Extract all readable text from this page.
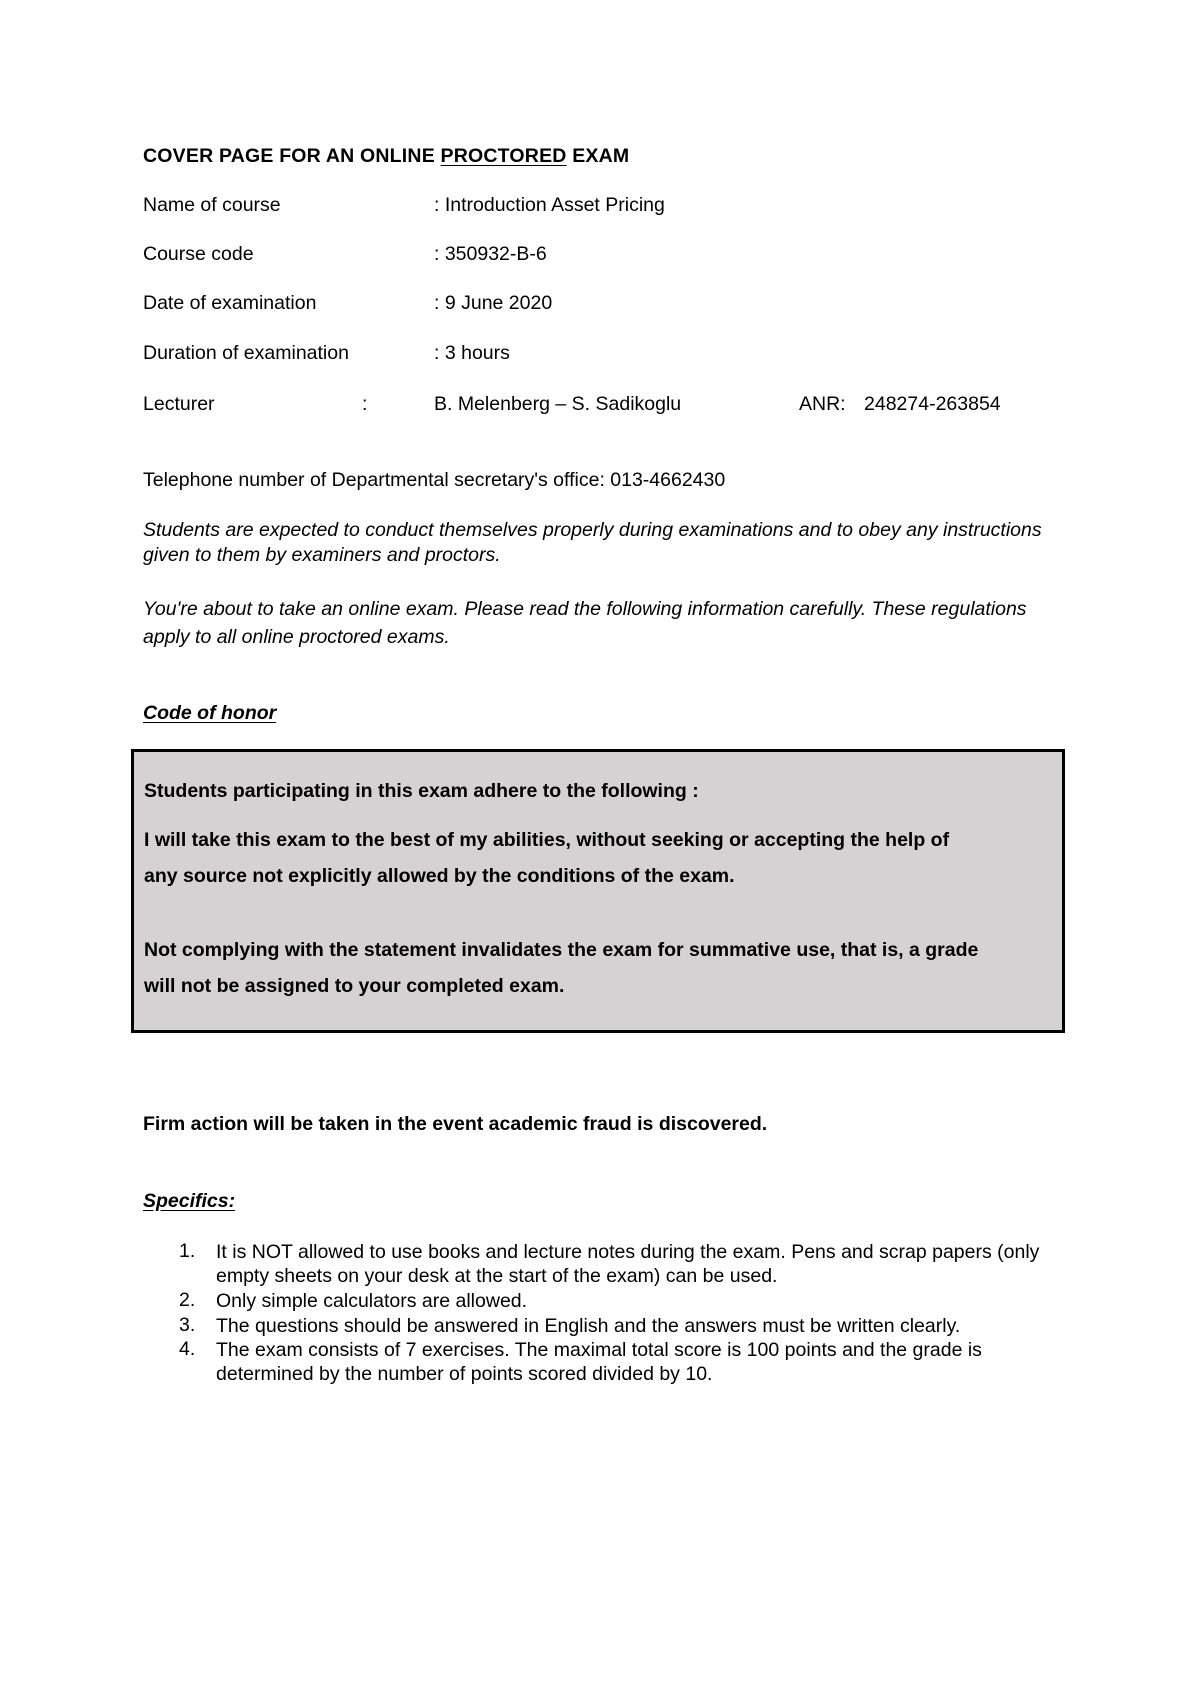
COVER PAGE FOR AN ONLINE PROCTORED EXAM
Name of course	: Introduction Asset Pricing
Course code	: 350932-B-6
Date of examination	: 9 June 2020
Duration of examination	: 3 hours
Lecturer	:	B. Melenberg – S. Sadikoglu	ANR: 248274-263854
Telephone number of Departmental secretary's office: 013-4662430
Students are expected to conduct themselves properly during examinations and to obey any instructions given to them by examiners and proctors.
You're about to take an online exam. Please read the following information carefully. These regulations apply to all online proctored exams.
Code of honor
Students participating in this exam adhere to the following :
I will take this exam to the best of my abilities, without seeking or accepting the help of
any source not explicitly allowed by the conditions of the exam.
Not complying with the statement invalidates the exam for summative use, that is, a grade
will not be assigned to your completed exam.
Firm action will be taken in the event academic fraud is discovered.
Specifics:
1. It is NOT allowed to use books and lecture notes during the exam. Pens and scrap papers (only empty sheets on your desk at the start of the exam) can be used.
2. Only simple calculators are allowed.
3. The questions should be answered in English and the answers must be written clearly.
4. The exam consists of 7 exercises. The maximal total score is 100 points and the grade is determined by the number of points scored divided by 10.
